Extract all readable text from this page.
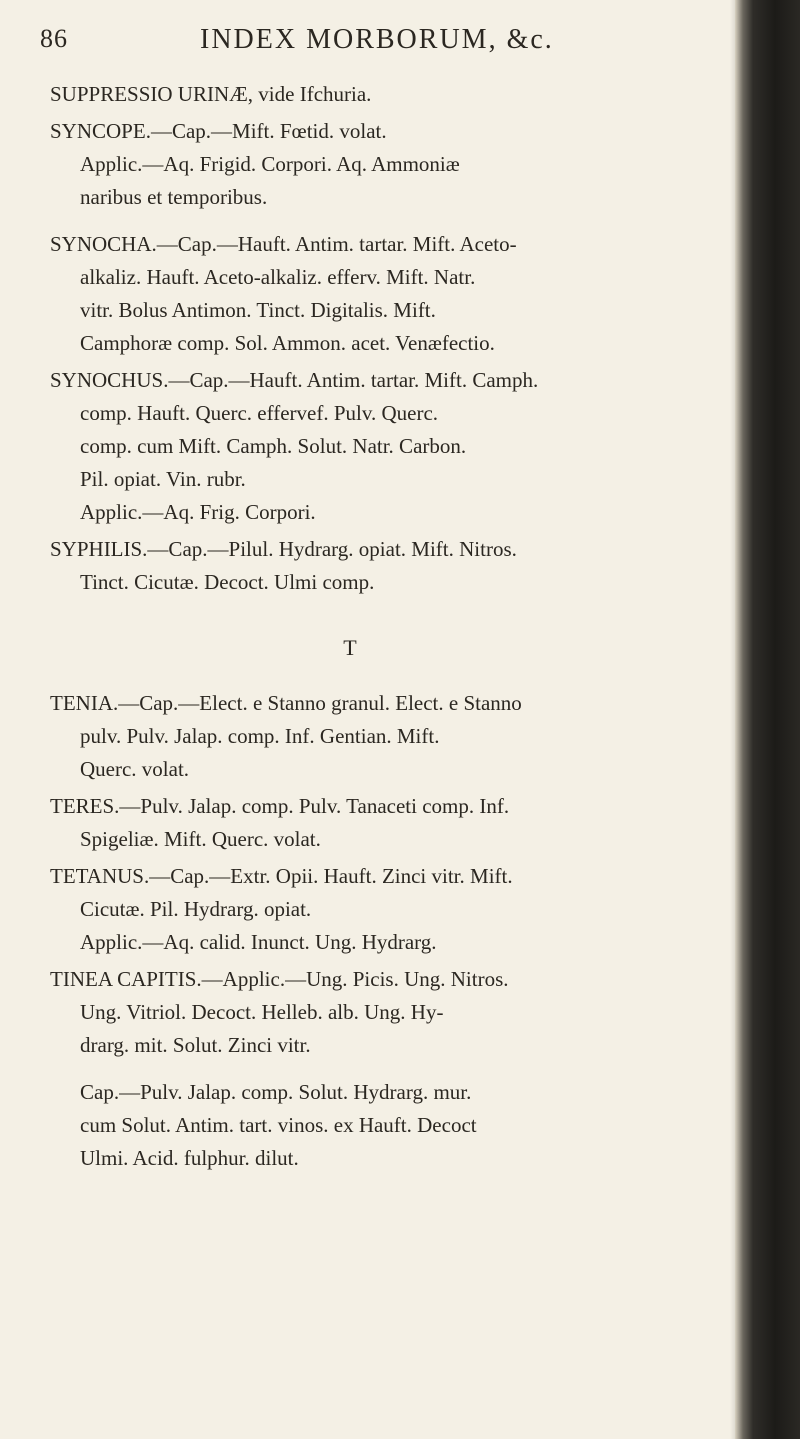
86	INDEX MORBORUM, &c.
SUPPRESSIO URINÆ, vide Ifchuria.
SYNCOPE.—Cap.—Mift. Fœtid. volat.
Applic.—Aq. Frigid. Corpori. Aq. Ammoniæ
naribus et temporibus.
SYNOCHA.—Cap.—Hauft. Antim. tartar. Mift. Aceto-
alkaliz. Hauft. Aceto-alkaliz. efferv. Mift. Natr.
vitr. Bolus Antimon. Tinct. Digitalis. Mift.
Camphoræ comp. Sol. Ammon. acet. Venæfectio.
SYNOCHUS.—Cap.—Hauft. Antim. tartar. Mift. Camph.
comp. Hauft. Querc. effervef. Pulv. Querc.
comp. cum Mift. Camph. Solut. Natr. Carbon.
Pil. opiat. Vin. rubr.
Applic.—Aq. Frig. Corpori.
SYPHILIS.—Cap.—Pilul. Hydrarg. opiat. Mift. Nitros.
Tinct. Cicutæ. Decoct. Ulmi comp.
T
TENIA.—Cap.—Elect. e Stanno granul. Elect. e Stanno
pulv. Pulv. Jalap. comp. Inf. Gentian. Mift.
Querc. volat.
TERES.—Pulv. Jalap. comp. Pulv. Tanaceti comp. Inf.
Spigeliæ. Mift. Querc. volat.
TETANUS.—Cap.—Extr. Opii. Hauft. Zinci vitr. Mift.
Cicutæ. Pil. Hydrarg. opiat.
Applic.—Aq. calid. Inunct. Ung. Hydrarg.
TINEA CAPITIS.—Applic.—Ung. Picis. Ung. Nitros.
Ung. Vitriol. Decoct. Helleb. alb. Ung. Hy-
drarg. mit. Solut. Zinci vitr.
Cap.—Pulv. Jalap. comp. Solut. Hydrarg. mur.
cum Solut. Antim. tart. vinos. ex Hauft. Decoct
Ulmi. Acid. fulphur. dilut.
